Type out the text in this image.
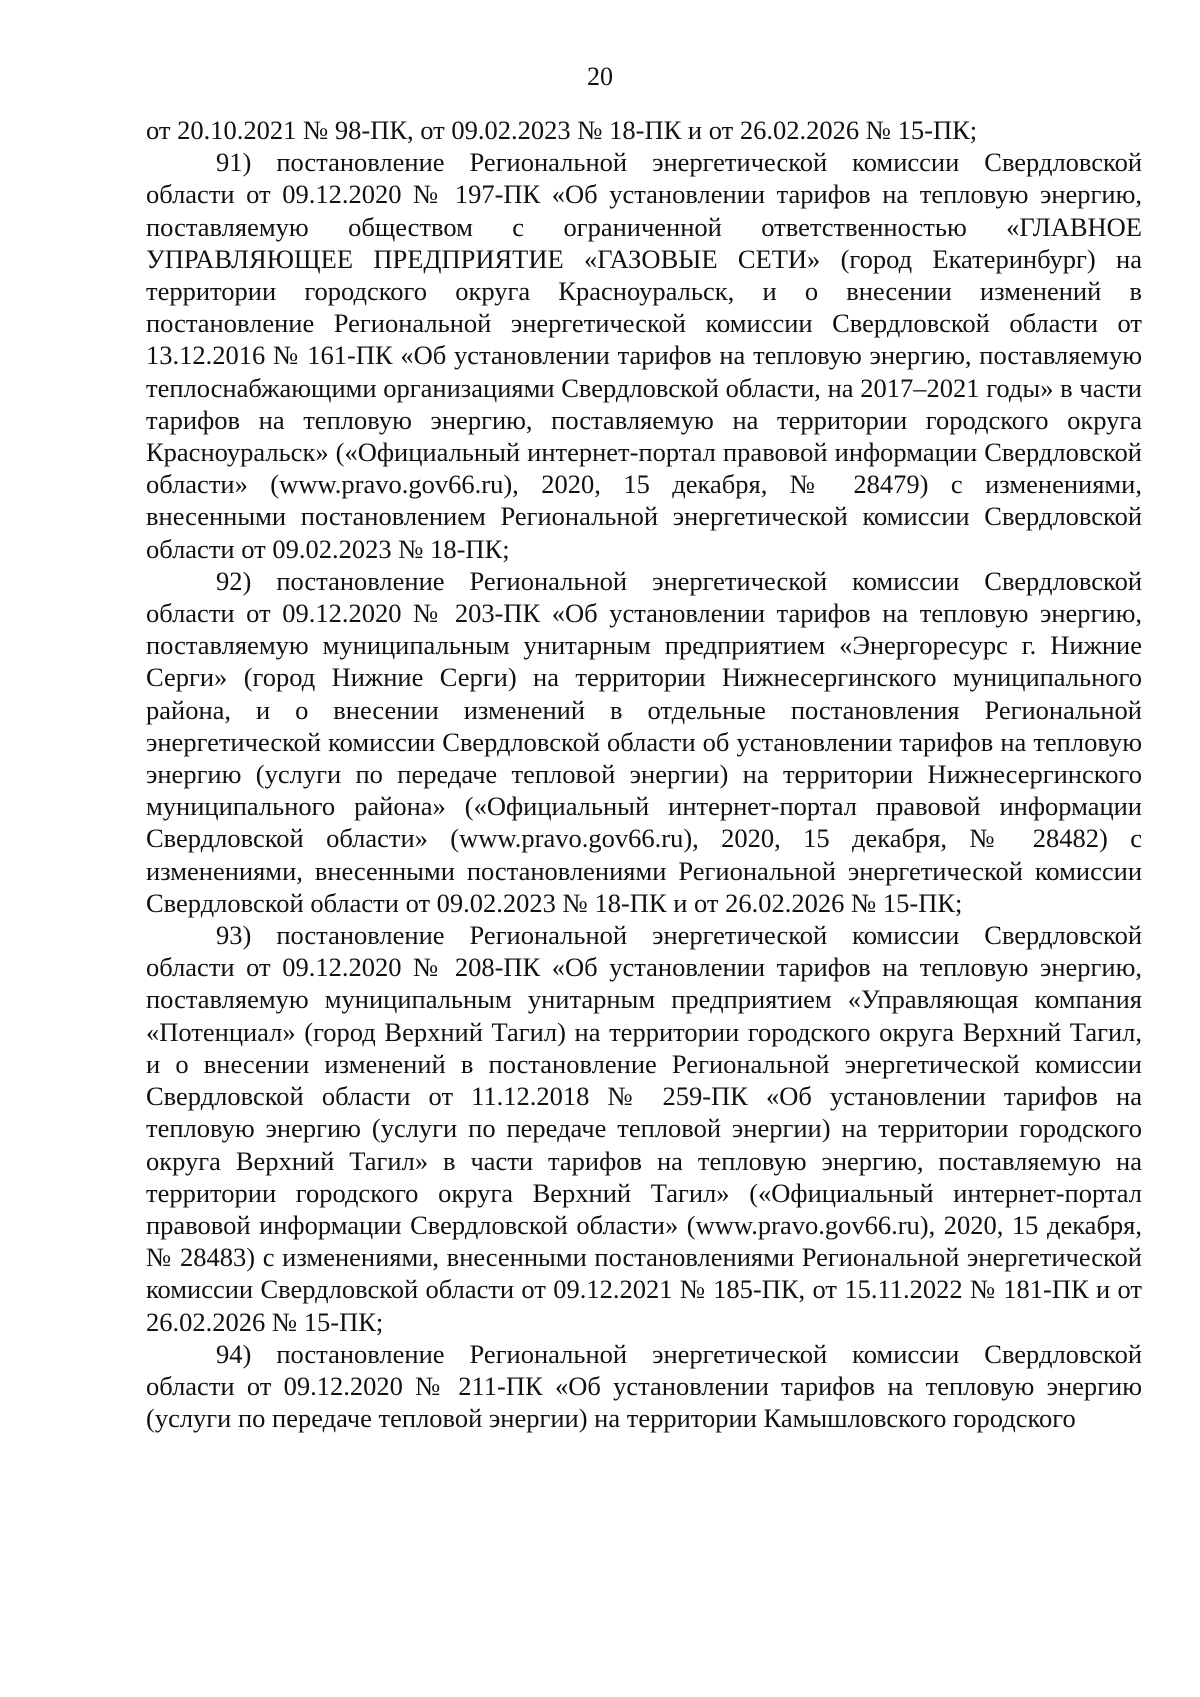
20

от 20.10.2021 № 98-ПК, от 09.02.2023 № 18-ПК и от 26.02.2026 № 15-ПК;

91) постановление Региональной энергетической комиссии Свердловской области от 09.12.2020 № 197-ПК «Об установлении тарифов на тепловую энергию, поставляемую обществом с ограниченной ответственностью «ГЛАВНОЕ УПРАВЛЯЮЩЕЕ ПРЕДПРИЯТИЕ «ГАЗОВЫЕ СЕТИ» (город Екатеринбург) на территории городского округа Красноуральск, и о внесении изменений в постановление Региональной энергетической комиссии Свердловской области от 13.12.2016 № 161-ПК «Об установлении тарифов на тепловую энергию, поставляемую теплоснабжающими организациями Свердловской области, на 2017–2021 годы» в части тарифов на тепловую энергию, поставляемую на территории городского округа Красноуральск» («Официальный интернет-портал правовой информации Свердловской области» (www.pravo.gov66.ru), 2020, 15 декабря, № 28479) с изменениями, внесенными постановлением Региональной энергетической комиссии Свердловской области от 09.02.2023 № 18-ПК;

92) постановление Региональной энергетической комиссии Свердловской области от 09.12.2020 № 203-ПК «Об установлении тарифов на тепловую энергию, поставляемую муниципальным унитарным предприятием «Энергоресурс г. Нижние Серги» (город Нижние Серги) на территории Нижнесергинского муниципального района, и о внесении изменений в отдельные постановления Региональной энергетической комиссии Свердловской области об установлении тарифов на тепловую энергию (услуги по передаче тепловой энергии) на территории Нижнесергинского муниципального района» («Официальный интернет-портал правовой информации Свердловской области» (www.pravo.gov66.ru), 2020, 15 декабря, № 28482) с изменениями, внесенными постановлениями Региональной энергетической комиссии Свердловской области от 09.02.2023 № 18-ПК и от 26.02.2026 № 15-ПК;

93) постановление Региональной энергетической комиссии Свердловской области от 09.12.2020 № 208-ПК «Об установлении тарифов на тепловую энергию, поставляемую муниципальным унитарным предприятием «Управляющая компания «Потенциал» (город Верхний Тагил) на территории городского округа Верхний Тагил, и о внесении изменений в постановление Региональной энергетической комиссии Свердловской области от 11.12.2018 № 259-ПК «Об установлении тарифов на тепловую энергию (услуги по передаче тепловой энергии) на территории городского округа Верхний Тагил» в части тарифов на тепловую энергию, поставляемую на территории городского округа Верхний Тагил» («Официальный интернет-портал правовой информации Свердловской области» (www.pravo.gov66.ru), 2020, 15 декабря, № 28483) с изменениями, внесенными постановлениями Региональной энергетической комиссии Свердловской области от 09.12.2021 № 185-ПК, от 15.11.2022 № 181-ПК и от 26.02.2026 № 15-ПК;

94) постановление Региональной энергетической комиссии Свердловской области от 09.12.2020 № 211-ПК «Об установлении тарифов на тепловую энергию (услуги по передаче тепловой энергии) на территории Камышловского городского
